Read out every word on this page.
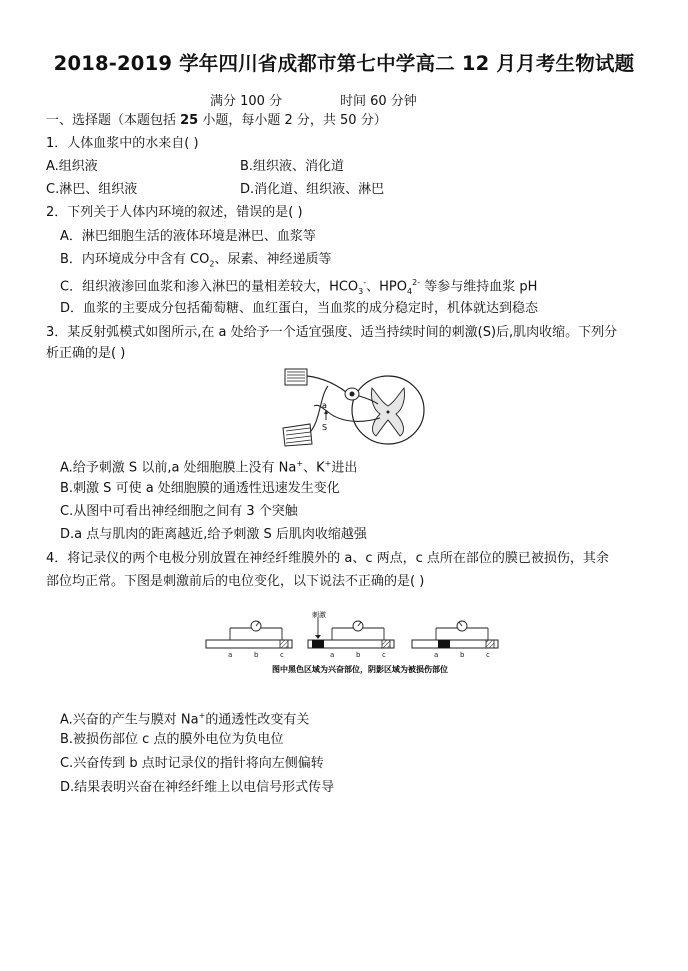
2018-2019 学年四川省成都市第七中学高二 12 月月考生物试题
满分 100 分	时间 60 分钟
一、选择题（本题包括 25 小题，每小题 2 分，共 50 分）
1．人体血浆中的水来自( )
A.组织液	B.组织液、消化道
C.淋巴、组织液	D.消化道、组织液、淋巴
2．下列关于人体内环境的叙述，错误的是( )
A．淋巴细胞生活的液体环境是淋巴、血浆等
B．内环境成分中含有 $CO_2$、尿素、神经递质等
C．组织液渗回血浆和渗入淋巴的量相差较大，$HCO_3^-$、$HPO_4^{2-}$ 等参与维持血浆 pH
D．血浆的主要成分包括葡萄糖、血红蛋白，当血浆的成分稳定时，机体就达到稳态
3．某反射弧模式如图所示,在 a 处给予一个适宜强度、适当持续时间的刺激(S)后,肌肉收缩。下列分
析正确的是( )
a
S
A.给予刺激 S 以前,a 处细胞膜上没有 Na+、K+进出
B.刺激 S 可使 a 处细胞膜的通透性迅速发生变化
C.从图中可看出神经细胞之间有 3 个突触
D.a 点与肌肉的距离越近,给予刺激 S 后肌肉收缩越强
4．将记录仪的两个电极分别放置在神经纤维膜外的 a、c 两点，c 点所在部位的膜已被损伤，其余
部位均正常。下图是刺激前后的电位变化，以下说法不正确的是( )
刺激
a	b	c	a	b	c	a	b	c
图中黑色区域为兴奋部位，阴影区域为被损伤部位
A.兴奋的产生与膜对 Na+的通透性改变有关
B.被损伤部位 c 点的膜外电位为负电位
C.兴奋传到 b 点时记录仪的指针将向左侧偏转
D.结果表明兴奋在神经纤维上以电信号形式传导
